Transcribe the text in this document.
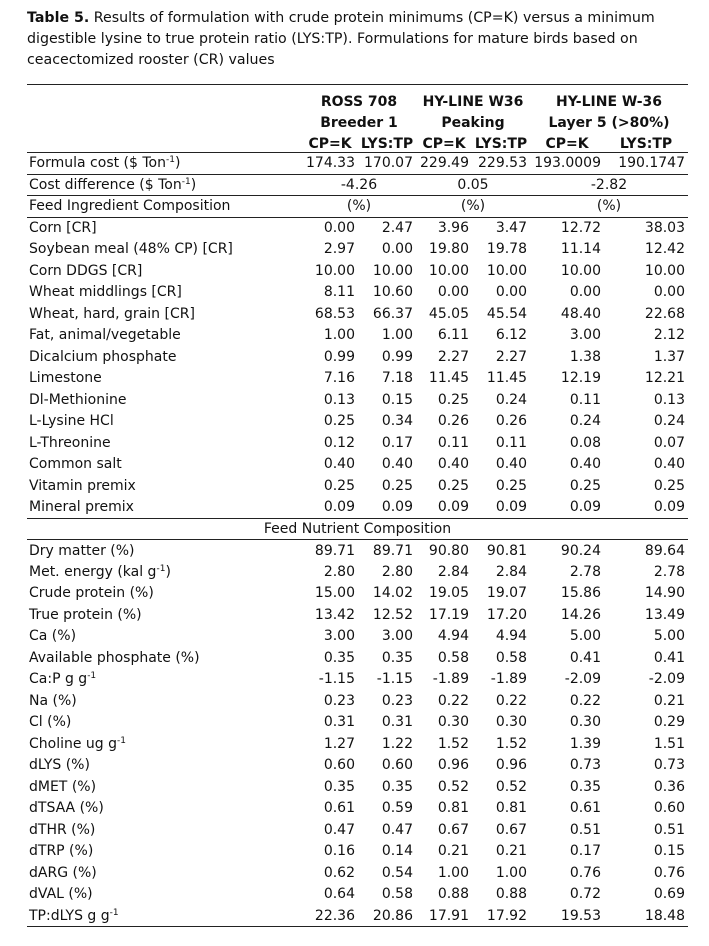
Table 5. Results of formulation with crude protein minimums (CP=K) versus a minimum digestible lysine to true protein ratio (LYS:TP). Formulations for mature birds based on ceacectomized rooster (CR) values
	ROSS 708		HY-LINE W36		HY-LINE W-36	
	Breeder 1		Peaking		Layer 5 (>80%)	
	CP=K	LYS:TP	CP=K	LYS:TP	CP=K	LYS:TP
Formula cost ($ Ton$^{-1}$)	174.33	170.07	229.49	229.53	193.0009	190.1747
Cost difference ($ Ton$^{-1}$)	-4.26		0.05		-2.82	
Feed Ingredient Composition	(%)		(%)		(%)	
Corn [CR]	0.00	2.47	3.96	3.47	12.72	38.03
Soybean meal (48% CP) [CR]	2.97	0.00	19.80	19.78	11.14	12.42
Corn DDGS [CR]	10.00	10.00	10.00	10.00	10.00	10.00
Wheat middlings [CR]	8.11	10.60	0.00	0.00	0.00	0.00
Wheat, hard, grain [CR]	68.53	66.37	45.05	45.54	48.40	22.68
Fat, animal/vegetable	1.00	1.00	6.11	6.12	3.00	2.12
Dicalcium phosphate	0.99	0.99	2.27	2.27	1.38	1.37
Limestone	7.16	7.18	11.45	11.45	12.19	12.21
Dl-Methionine	0.13	0.15	0.25	0.24	0.11	0.13
L-Lysine HCl	0.25	0.34	0.26	0.26	0.24	0.24
L-Threonine	0.12	0.17	0.11	0.11	0.08	0.07
Common salt	0.40	0.40	0.40	0.40	0.40	0.40
Vitamin premix	0.25	0.25	0.25	0.25	0.25	0.25
Mineral premix	0.09	0.09	0.09	0.09	0.09	0.09
Feed Nutrient Composition						
Dry matter (%)	89.71	89.71	90.80	90.81	90.24	89.64
Met. energy (kal $g^{-1}$)	2.80	2.80	2.84	2.84	2.78	2.78
Crude protein (%)	15.00	14.02	19.05	19.07	15.86	14.90
True protein (%)	13.42	12.52	17.19	17.20	14.26	13.49
Ca (%)	3.00	3.00	4.94	4.94	5.00	5.00
Available phosphate (%)	0.35	0.35	0.58	0.58	0.41	0.41
Ca:P g $g^{-1}$	-1.15	-1.15	-1.89	-1.89	-2.09	-2.09
Na (%)	0.23	0.23	0.22	0.22	0.22	0.21
Cl (%)	0.31	0.31	0.30	0.30	0.30	0.29
Choline ug $g^{-1}$	1.27	1.22	1.52	1.52	1.39	1.51
dLYS (%)	0.60	0.60	0.96	0.96	0.73	0.73
dMET (%)	0.35	0.35	0.52	0.52	0.35	0.36
dTSAA (%)	0.61	0.59	0.81	0.81	0.61	0.60
dTHR (%)	0.47	0.47	0.67	0.67	0.51	0.51
dTRP (%)	0.16	0.14	0.21	0.21	0.17	0.15
dARG (%)	0.62	0.54	1.00	1.00	0.76	0.76
dVAL (%)	0.64	0.58	0.88	0.88	0.72	0.69
TP:dLYS g $g^{-1}$	22.36	20.86	17.91	17.92	19.53	18.48
